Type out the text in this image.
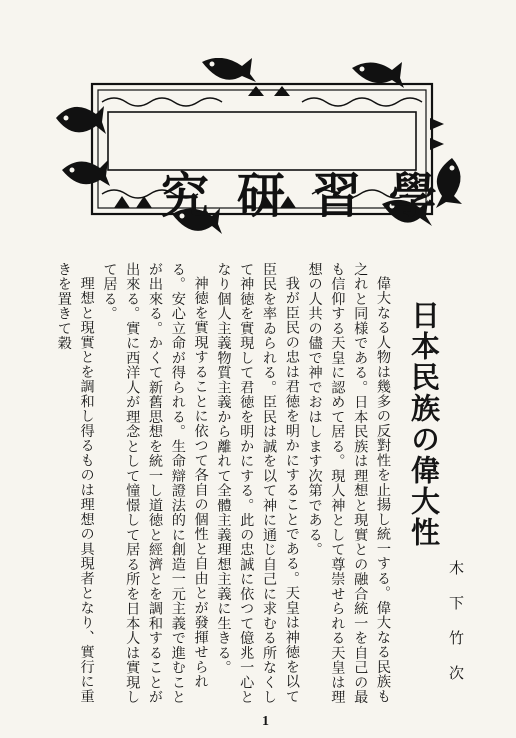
學習研究
日本民族の偉大性
木下竹次

偉大なる人物は幾多の反對性を止揚し統一する。偉大なる民族も之れと同様である。日本民族は理想と現實との融合統一を自己の最も信仰する天皇に認めて居る。現人神として尊崇せられる天皇は理想の人共の儘で神でおはします次第である。

我が臣民の忠は君徳を明かにすることである。天皇は神徳を以て臣民を率ゐられる。臣民は誠を以て神に通じ自己に求むる所なくして神徳を實現して君徳を明かにする。此の忠誠に依つて億兆一心となり個人主義物質主義から離れて全體主義理想主義に生きる。

神徳を實現することに依つて各自の個性と自由とが發揮せられる。安心立命が得られる。生命辯證法的に創造一元主義で進むことが出來る。かくて新舊思想を統一し道徳と經濟とを調和することが出來る。實に西洋人が理念として憧憬して居る所を日本人は實現して居る。

理想と現實とを調和し得るものは理想の具現者となり、實行に重きを置きて穀

1
